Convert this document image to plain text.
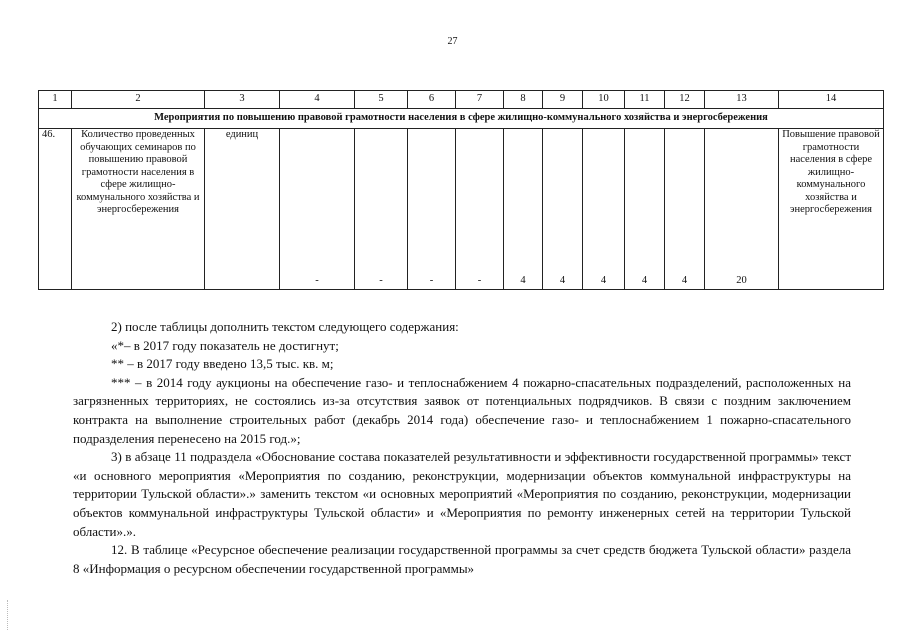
27
1	2	3	4	5	6	7	8	9	10	11	12	13	14
Мероприятия по повышению правовой грамотности населения в сфере жилищно-коммунального хозяйства и энергосбережения													
46.	Количество проведенных обучающих семинаров по повышению правовой грамотности населения в сфере жилищно-коммунального хозяйства и энергосбережения	единиц	-	-	-	-	4	4	4	4	4	20	Повышение правовой грамотности населения в сфере жилищно-коммунального хозяйства и энергосбережения

2) после таблицы дополнить текстом следующего содержания:

«*– в 2017 году показатель не достигнут;

** – в 2017 году введено 13,5 тыс. кв. м;

*** – в 2014 году аукционы на обеспечение газо- и теплоснабжением 4 пожарно-спасательных подразделений, расположенных на загрязненных территориях, не состоялись из-за отсутствия заявок от потенциальных подрядчиков. В связи с поздним заключением контракта на выполнение строительных работ (декабрь 2014 года) обеспечение газо- и теплоснабжением 1 пожарно-спасательного подразделения перенесено на 2015 год.»;

3) в абзаце 11 подраздела «Обоснование состава показателей результативности и эффективности государственной программы» текст «и основного мероприятия «Мероприятия по созданию, реконструкции, модернизации объектов коммунальной инфраструктуры на территории Тульской области».» заменить текстом «и основных мероприятий «Мероприятия по созданию, реконструкции, модернизации объектов коммунальной инфраструктуры Тульской области» и «Мероприятия по ремонту инженерных сетей на территории Тульской области».».

12. В таблице «Ресурсное обеспечение реализации государственной программы за счет средств бюджета Тульской области» раздела 8 «Информация о ресурсном обеспечении государственной программы»
